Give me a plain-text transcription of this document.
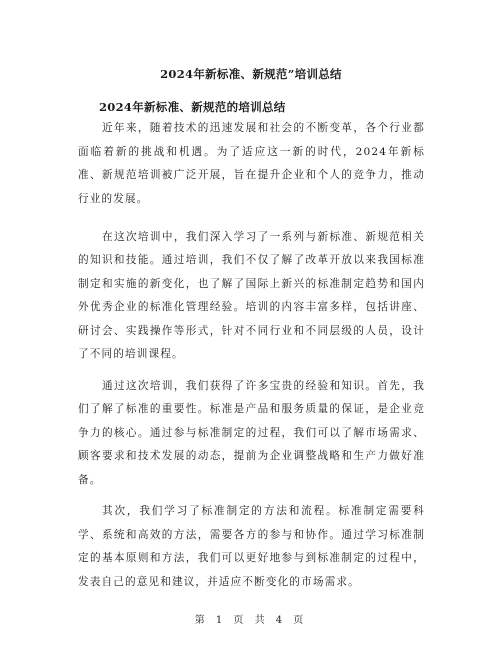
2024年新标准、新规范”培训总结
2024年新标准、新规范的培训总结

近年来，随着技术的迅速发展和社会的不断变革，各个行业都面临着新的挑战和机遇。为了适应这一新的时代，2024年新标准、新规范培训被广泛开展，旨在提升企业和个人的竞争力，推动行业的发展。

在这次培训中，我们深入学习了一系列与新标准、新规范相关的知识和技能。通过培训，我们不仅了解了改革开放以来我国标准制定和实施的新变化，也了解了国际上新兴的标准制定趋势和国内外优秀企业的标准化管理经验。培训的内容丰富多样，包括讲座、研讨会、实践操作等形式，针对不同行业和不同层级的人员，设计了不同的培训课程。

通过这次培训，我们获得了许多宝贵的经验和知识。首先，我们了解了标准的重要性。标准是产品和服务质量的保证，是企业竞争力的核心。通过参与标准制定的过程，我们可以了解市场需求、顾客要求和技术发展的动态，提前为企业调整战略和生产力做好准备。

其次，我们学习了标准制定的方法和流程。标准制定需要科学、系统和高效的方法，需要各方的参与和协作。通过学习标准制定的基本原则和方法，我们可以更好地参与到标准制定的过程中，发表自己的意见和建议，并适应不断变化的市场需求。

第 1 页 共 4 页
